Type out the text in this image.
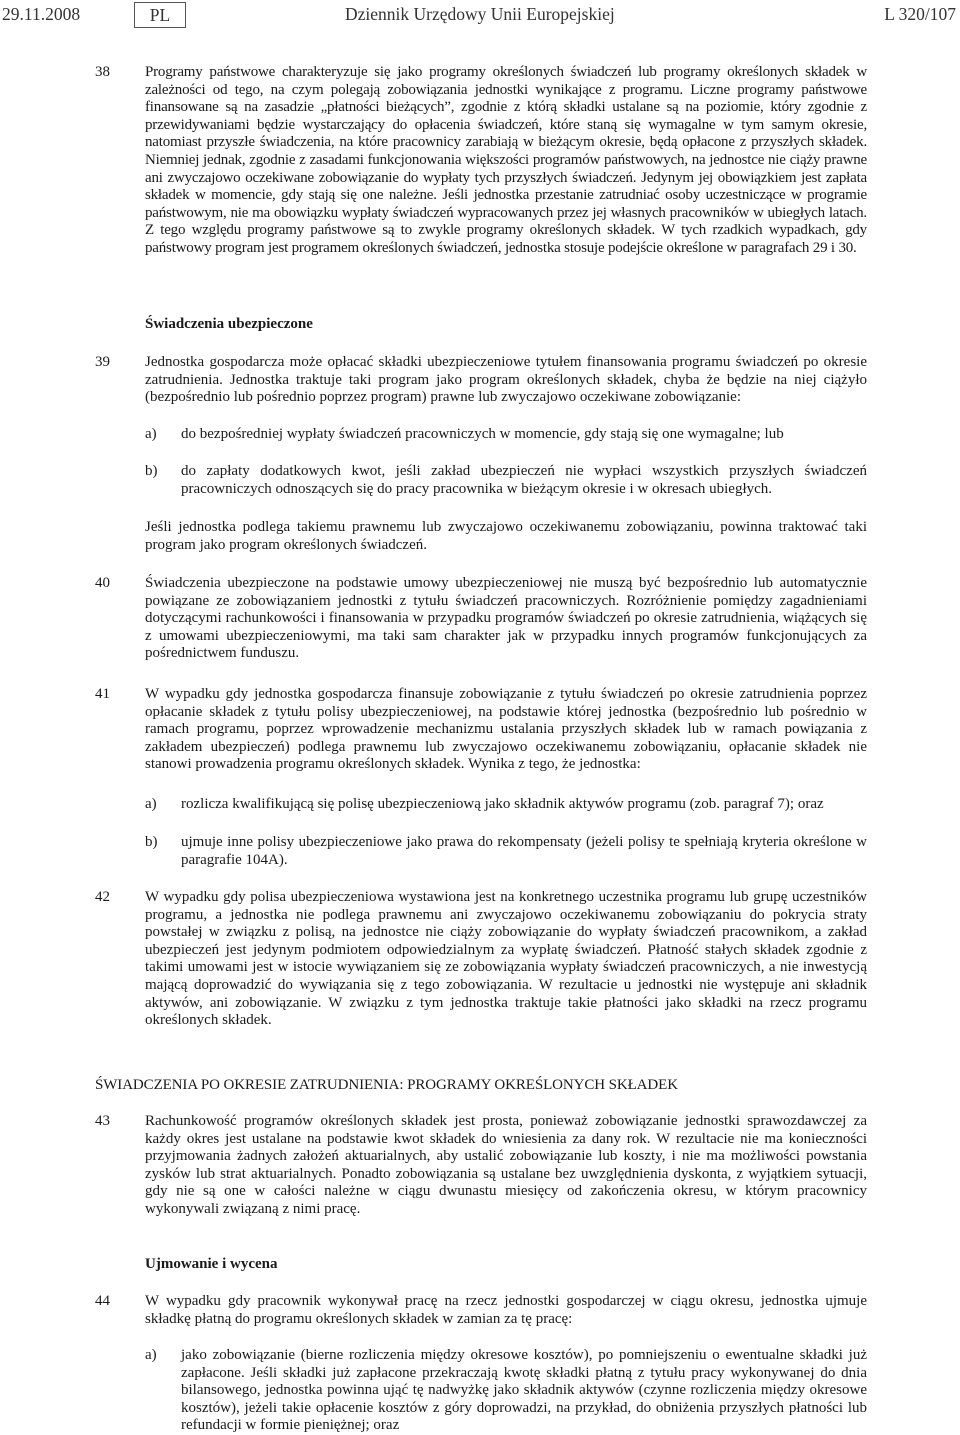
29.11.2008	PL	Dziennik Urzędowy Unii Europejskiej	L 320/107
38 Programy państwowe charakteryzuje się jako programy określonych świadczeń lub programy określonych składek w zależności od tego, na czym polegają zobowiązania jednostki wynikające z programu. Liczne programy państwowe finansowane są na zasadzie „płatności bieżących”, zgodnie z którą składki ustalane są na poziomie, który zgodnie z przewidywaniami będzie wystarczający do opłacenia świadczeń, które staną się wymagalne w tym samym okresie, natomiast przyszłe świadczenia, na które pracownicy zarabiają w bieżącym okresie, będą opłacone z przyszłych składek. Niemniej jednak, zgodnie z zasadami funkcjonowania większości programów państwowych, na jednostce nie ciąży prawne ani zwyczajowo oczekiwane zobowiązanie do wypłaty tych przyszłych świadczeń. Jedynym jej obowiązkiem jest zapłata składek w momencie, gdy stają się one należne. Jeśli jednostka przestanie zatrudniać osoby uczestniczące w programie państwowym, nie ma obowiązku wypłaty świadczeń wypracowanych przez jej własnych pracowników w ubiegłych latach. Z tego względu programy państwowe są to zwykle programy określonych składek. W tych rzadkich wypadkach, gdy państwowy program jest programem określonych świadczeń, jednostka stosuje podejście określone w paragrafach 29 i 30.
Świadczenia ubezpieczone
39 Jednostka gospodarcza może opłacać składki ubezpieczeniowe tytułem finansowania programu świadczeń po okresie zatrudnienia. Jednostka traktuje taki program jako program określonych składek, chyba że będzie na niej ciążyło (bezpośrednio lub pośrednio poprzez program) prawne lub zwyczajowo oczekiwane zobowiązanie:
a) do bezpośredniej wypłaty świadczeń pracowniczych w momencie, gdy stają się one wymagalne; lub
b) do zapłaty dodatkowych kwot, jeśli zakład ubezpieczeń nie wypłaci wszystkich przyszłych świadczeń pracowniczych odnoszących się do pracy pracownika w bieżącym okresie i w okresach ubiegłych.
Jeśli jednostka podlega takiemu prawnemu lub zwyczajowo oczekiwanemu zobowiązaniu, powinna traktować taki program jako program określonych świadczeń.
40 Świadczenia ubezpieczone na podstawie umowy ubezpieczeniowej nie muszą być bezpośrednio lub automatycznie powiązane ze zobowiązaniem jednostki z tytułu świadczeń pracowniczych. Rozróżnienie pomiędzy zagadnieniami dotyczącymi rachunkowości i finansowania w przypadku programów świadczeń po okresie zatrudnienia, wiążących się z umowami ubezpieczeniowymi, ma taki sam charakter jak w przypadku innych programów funkcjonujących za pośrednictwem funduszu.
41 W wypadku gdy jednostka gospodarcza finansuje zobowiązanie z tytułu świadczeń po okresie zatrudnienia poprzez opłacanie składek z tytułu polisy ubezpieczeniowej, na podstawie której jednostka (bezpośrednio lub pośrednio w ramach programu, poprzez wprowadzenie mechanizmu ustalania przyszłych składek lub w ramach powiązania z zakładem ubezpieczeń) podlega prawnemu lub zwyczajowo oczekiwanemu zobowiązaniu, opłacanie składek nie stanowi prowadzenia programu określonych składek. Wynika z tego, że jednostka:
a) rozlicza kwalifikującą się polisę ubezpieczeniową jako składnik aktywów programu (zob. paragraf 7); oraz
b) ujmuje inne polisy ubezpieczeniowe jako prawa do rekompensaty (jeżeli polisy te spełniają kryteria określone w paragrafie 104A).
42 W wypadku gdy polisa ubezpieczeniowa wystawiona jest na konkretnego uczestnika programu lub grupę uczestników programu, a jednostka nie podlega prawnemu ani zwyczajowo oczekiwanemu zobowiązaniu do pokrycia straty powstałej w związku z polisą, na jednostce nie ciąży zobowiązanie do wypłaty świadczeń pracownikom, a zakład ubezpieczeń jest jedynym podmiotem odpowiedzialnym za wypłatę świadczeń. Płatność stałych składek zgodnie z takimi umowami jest w istocie wywiązaniem się ze zobowiązania wypłaty świadczeń pracowniczych, a nie inwestycją mającą doprowadzić do wywiązania się z tego zobowiązania. W rezultacie u jednostki nie występuje ani składnik aktywów, ani zobowiązanie. W związku z tym jednostka traktuje takie płatności jako składki na rzecz programu określonych składek.
ŚWIADCZENIA PO OKRESIE ZATRUDNIENIA: PROGRAMY OKREŚLONYCH SKŁADEK
43 Rachunkowość programów określonych składek jest prosta, ponieważ zobowiązanie jednostki sprawozdawczej za każdy okres jest ustalane na podstawie kwot składek do wniesienia za dany rok. W rezultacie nie ma konieczności przyjmowania żadnych założeń aktuarialnych, aby ustalić zobowiązanie lub koszty, i nie ma możliwości powstania zysków lub strat aktuarialnych. Ponadto zobowiązania są ustalane bez uwzględnienia dyskonta, z wyjątkiem sytuacji, gdy nie są one w całości należne w ciągu dwunastu miesięcy od zakończenia okresu, w którym pracownicy wykonywali związaną z nimi pracę.
Ujmowanie i wycena
44 W wypadku gdy pracownik wykonywał pracę na rzecz jednostki gospodarczej w ciągu okresu, jednostka ujmuje składkę płatną do programu określonych składek w zamian za tę pracę:
a) jako zobowiązanie (bierne rozliczenia między okresowe kosztów), po pomniejszeniu o ewentualne składki już zapłacone. Jeśli składki już zapłacone przekraczają kwotę składki płatną z tytułu pracy wykonywanej do dnia bilansowego, jednostka powinna ująć tę nadwyżkę jako składnik aktywów (czynne rozliczenia między okresowe kosztów), jeżeli takie opłacenie kosztów z góry doprowadzi, na przykład, do obniżenia przyszłych płatności lub refundacji w formie pieniężnej; oraz
